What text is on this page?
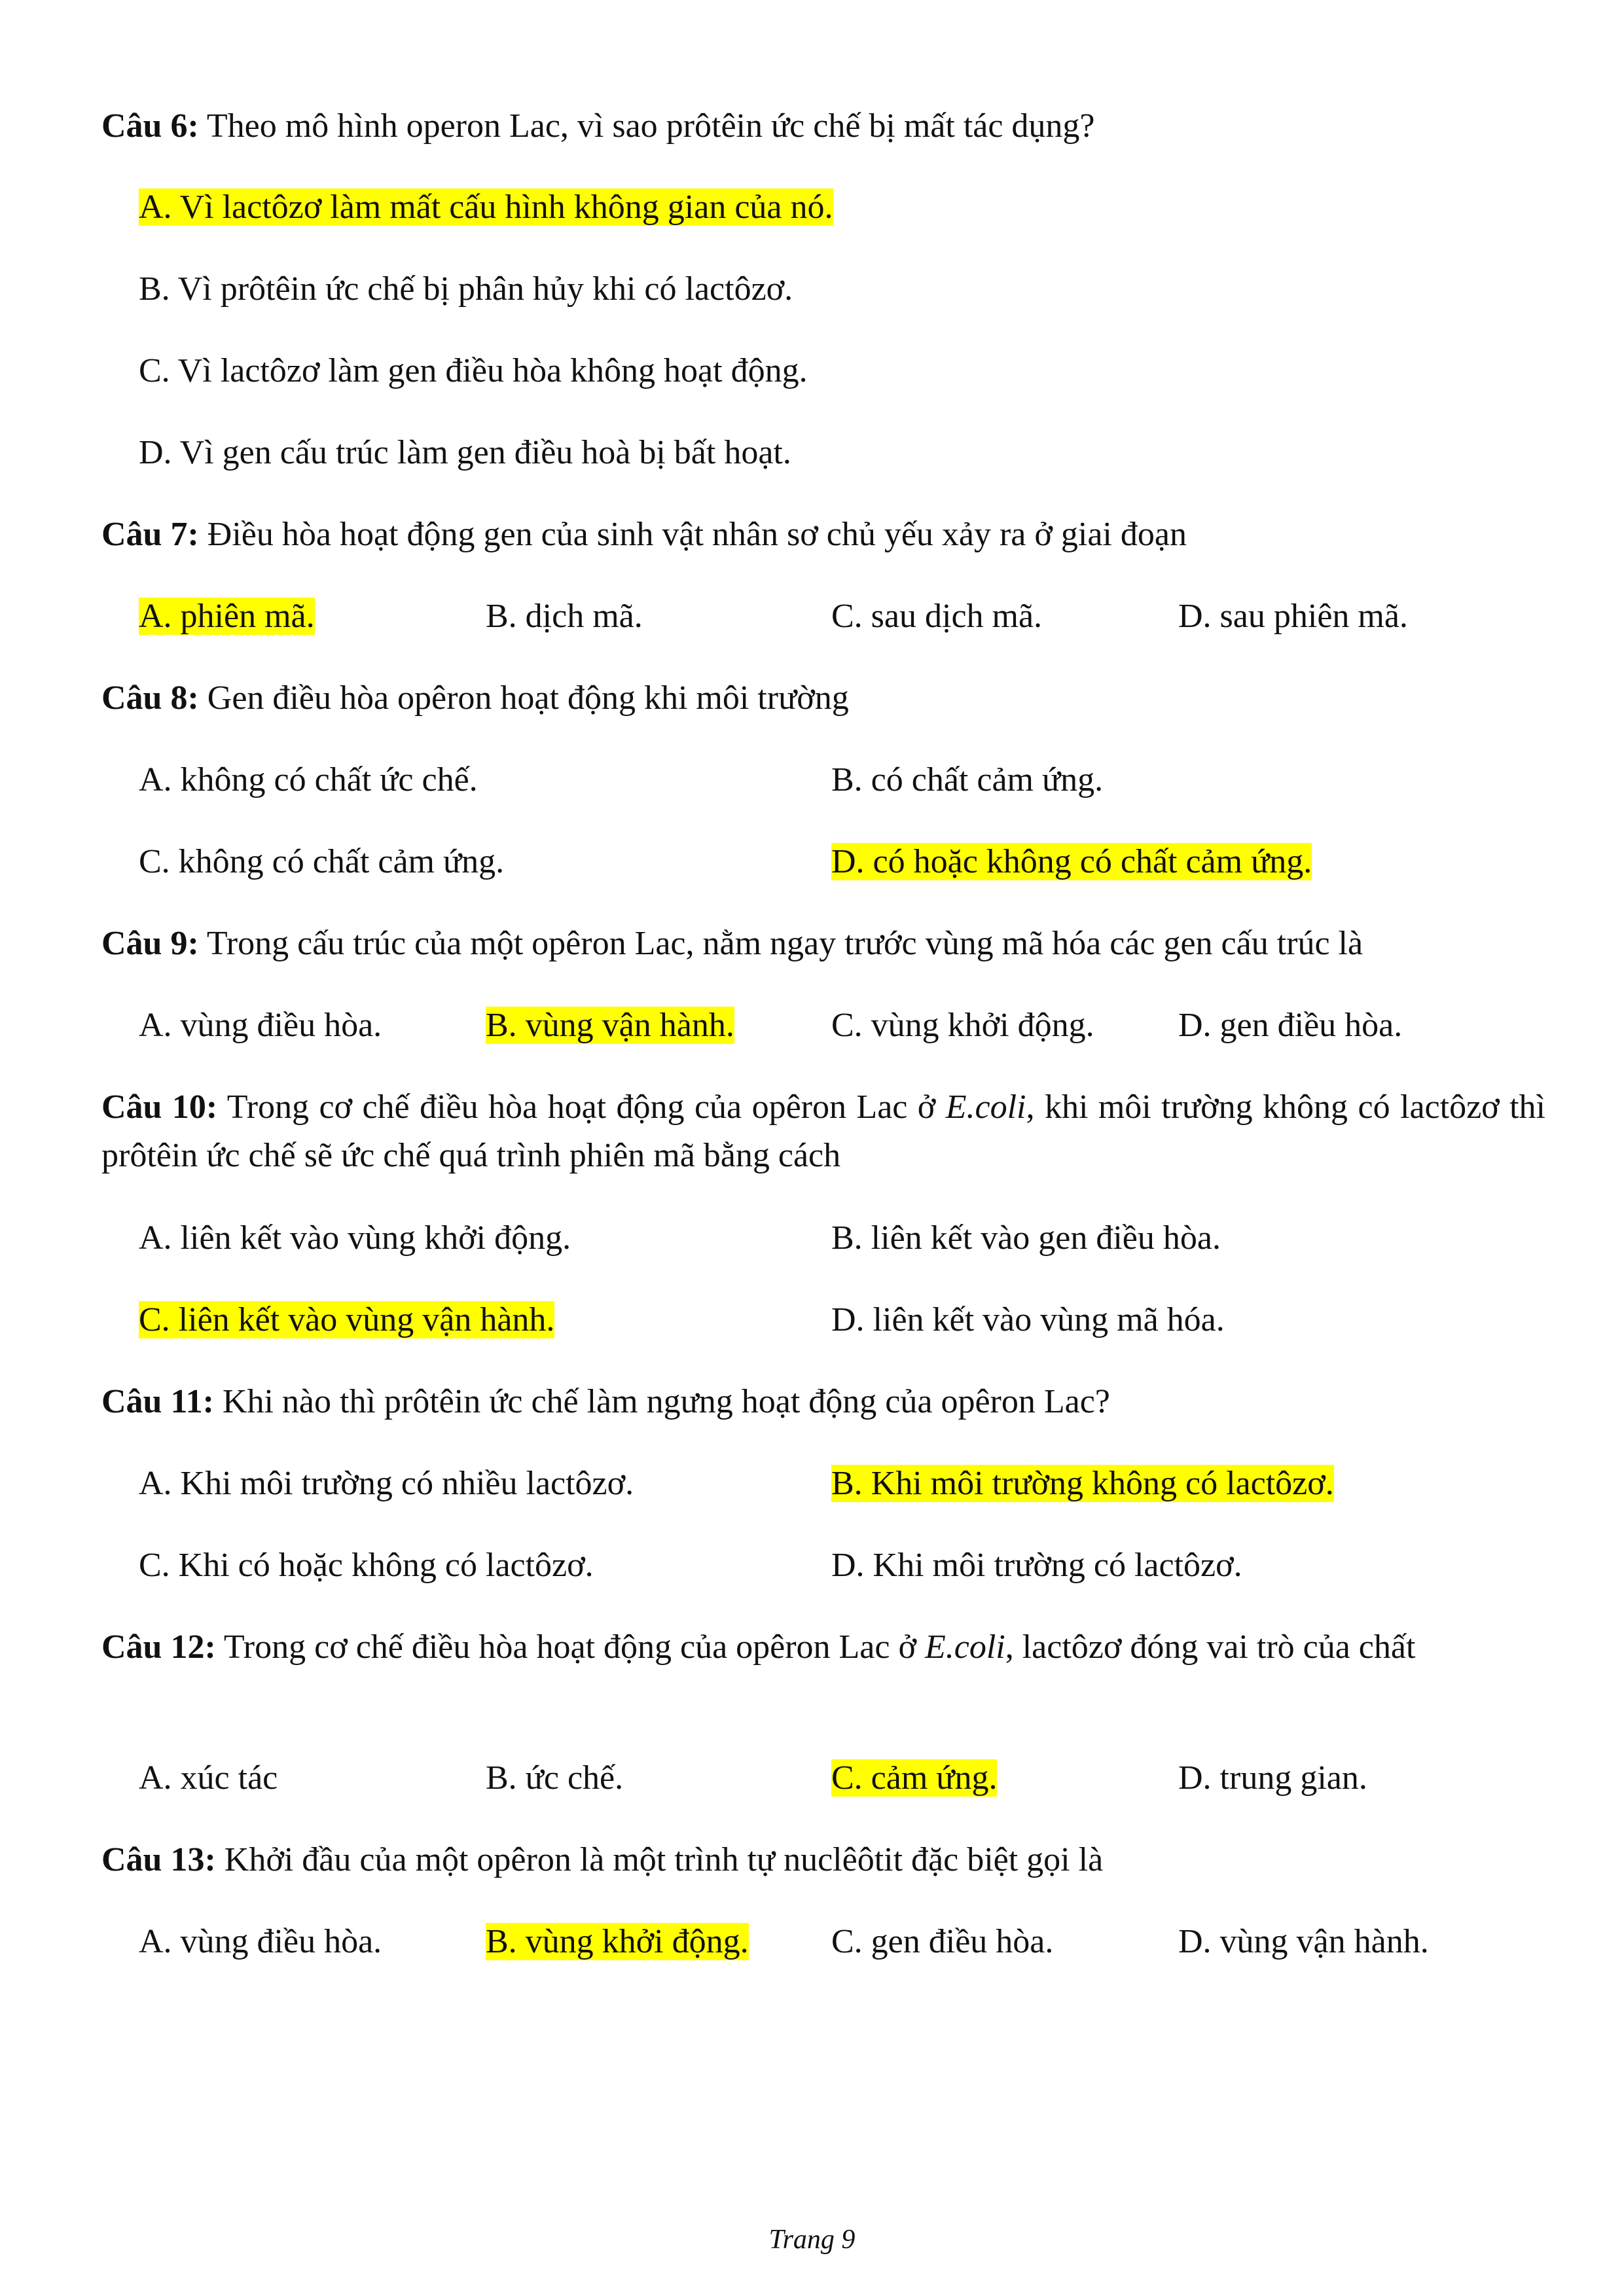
Câu 6: Theo mô hình operon Lac, vì sao prôtêin ức chế bị mất tác dụng?
A. Vì lactôzơ làm mất cấu hình không gian của nó.
B. Vì prôtêin ức chế bị phân hủy khi có lactôzơ.
C. Vì lactôzơ làm gen điều hòa không hoạt động.
D. Vì gen cấu trúc làm gen điều hoà bị bất hoạt.
Câu 7: Điều hòa hoạt động gen của sinh vật nhân sơ chủ yếu xảy ra ở giai đoạn
A. phiên mã.	B. dịch mã.	C. sau dịch mã.	D. sau phiên mã.
Câu 8: Gen điều hòa opêron hoạt động khi môi trường
A. không có chất ức chế.	B. có chất cảm ứng.
C. không có chất cảm ứng.	D. có hoặc không có chất cảm ứng.
Câu 9: Trong cấu trúc của một opêron Lac, nằm ngay trước vùng mã hóa các gen cấu trúc là
A. vùng điều hòa.	B. vùng vận hành.	C. vùng khởi động. D. gen điều hòa.
Câu 10: Trong cơ chế điều hòa hoạt động của opêron Lac ở E.coli, khi môi trường không có lactôzơ thì prôtêin ức chế sẽ ức chế quá trình phiên mã bằng cách
A. liên kết vào vùng khởi động.	B. liên kết vào gen điều hòa.
C. liên kết vào vùng vận hành.	D. liên kết vào vùng mã hóa.
Câu 11: Khi nào thì prôtêin ức chế làm ngưng hoạt động của opêron Lac?
A. Khi môi trường có nhiều lactôzơ.	B. Khi môi trường không có lactôzơ.
C. Khi có hoặc không có lactôzơ.	D. Khi môi trường có lactôzơ.
Câu 12: Trong cơ chế điều hòa hoạt động của opêron Lac ở E.coli, lactôzơ đóng vai trò của chất
A. xúc tác	B. ức chế.	C. cảm ứng.	D. trung gian.
Câu 13: Khởi đầu của một opêron là một trình tự nuclêôtit đặc biệt gọi là
A. vùng điều hòa.	B. vùng khởi động. C. gen điều hòa.	D. vùng vận hành.
Trang 9
